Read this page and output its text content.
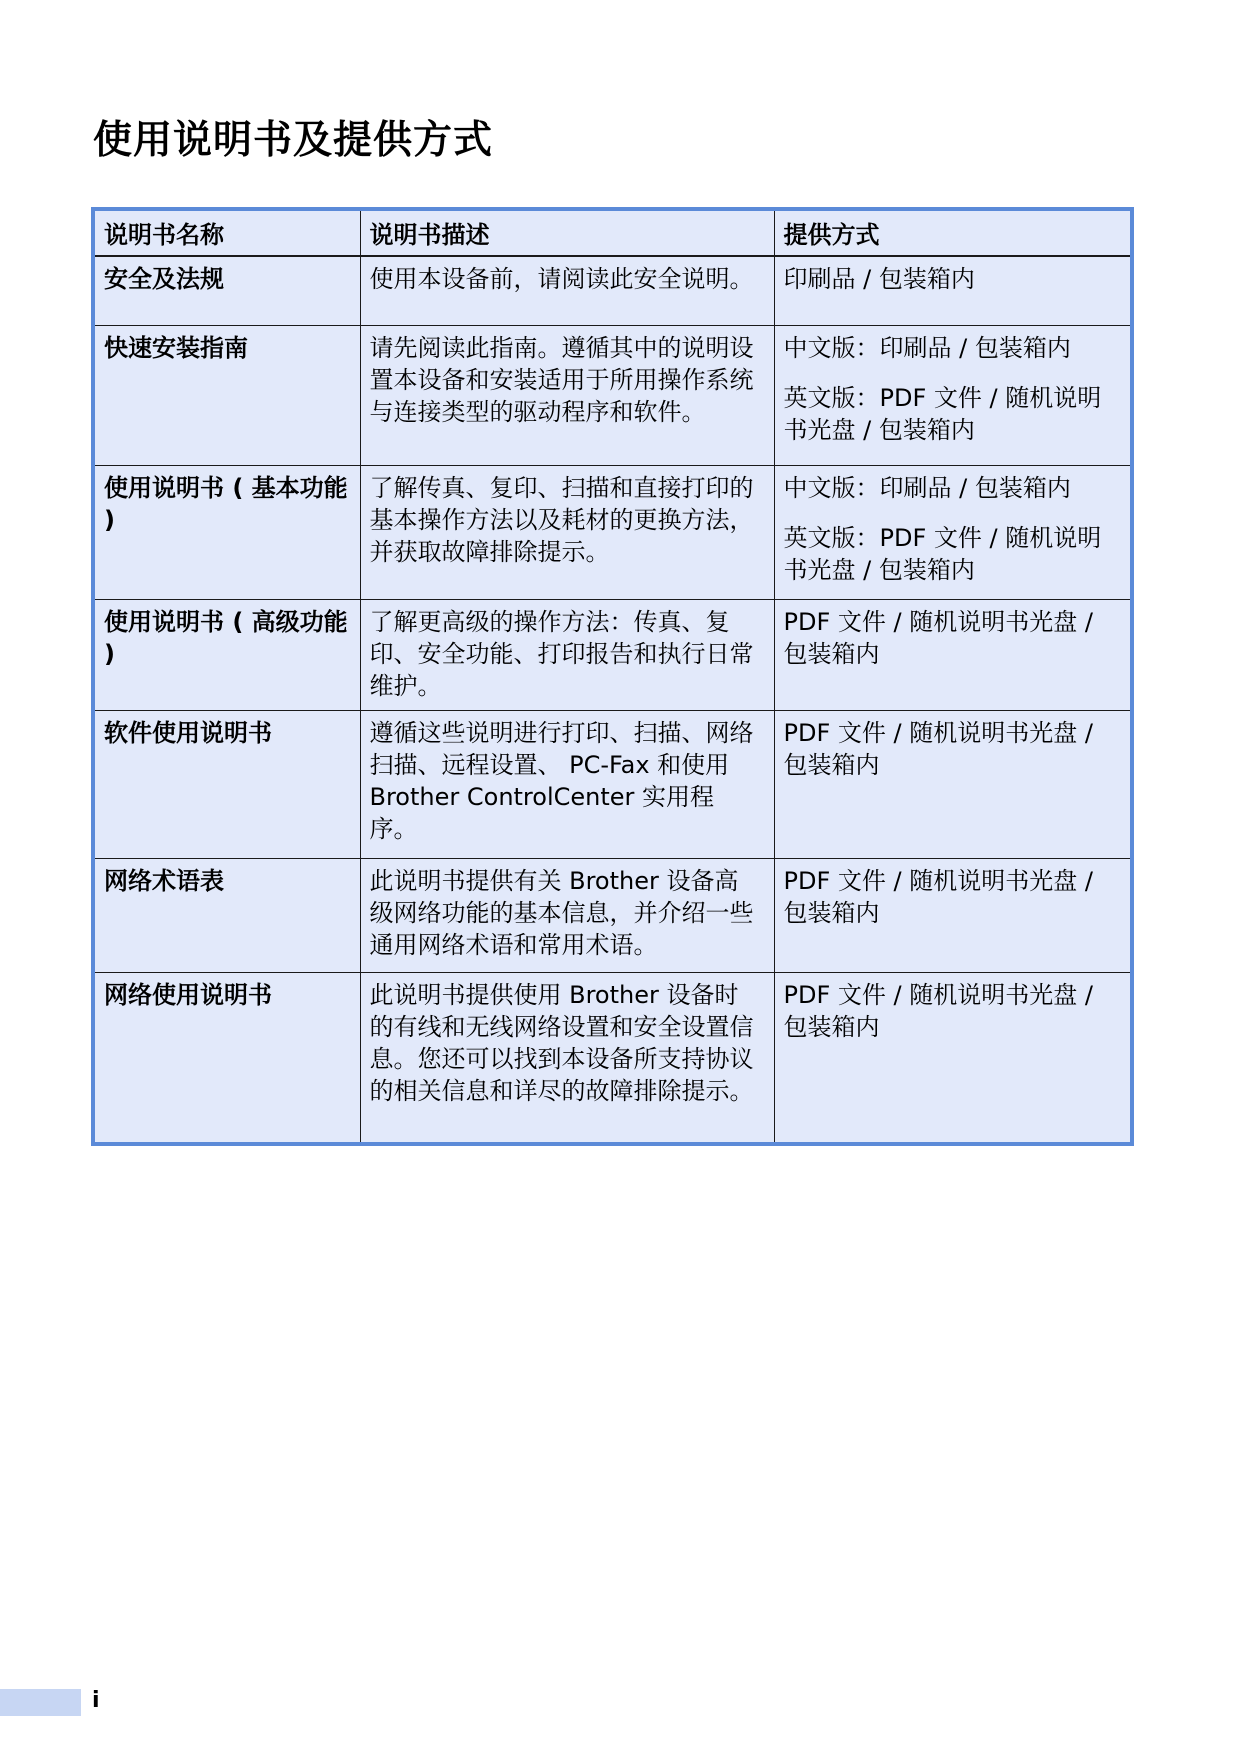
使用说明书及提供方式
说明书名称	说明书描述	提供方式
安全及法规	使用本设备前，请阅读此安全说明。	印刷品 / 包装箱内

快速安装指南	请先阅读此指南。遵循其中的说明设置本设备和安装适用于所用操作系统与连接类型的驱动程序和软件。	中文版：印刷品 / 包装箱内
英文版：PDF 文件 / 随机说明书光盘 / 包装箱内

使用说明书 ( 基本功能 )	了解传真、复印、扫描和直接打印的基本操作方法以及耗材的更换方法，并获取故障排除提示。	中文版：印刷品 / 包装箱内
英文版：PDF 文件 / 随机说明书光盘 / 包装箱内

使用说明书 ( 高级功能 )	了解更高级的操作方法：传真、复印、安全功能、打印报告和执行日常维护。	PDF 文件 / 随机说明书光盘 / 包装箱内

软件使用说明书	遵循这些说明进行打印、扫描、网络扫描、远程设置、 PC-Fax 和使用 Brother ControlCenter 实用程序。	PDF 文件 / 随机说明书光盘 / 包装箱内

网络术语表	此说明书提供有关 Brother 设备高级网络功能的基本信息，并介绍一些通用网络术语和常用术语。	PDF 文件 / 随机说明书光盘 / 包装箱内

网络使用说明书	此说明书提供使用 Brother 设备时的有线和无线网络设置和安全设置信息。您还可以找到本设备所支持协议的相关信息和详尽的故障排除提示。	PDF 文件 / 随机说明书光盘 / 包装箱内
i
